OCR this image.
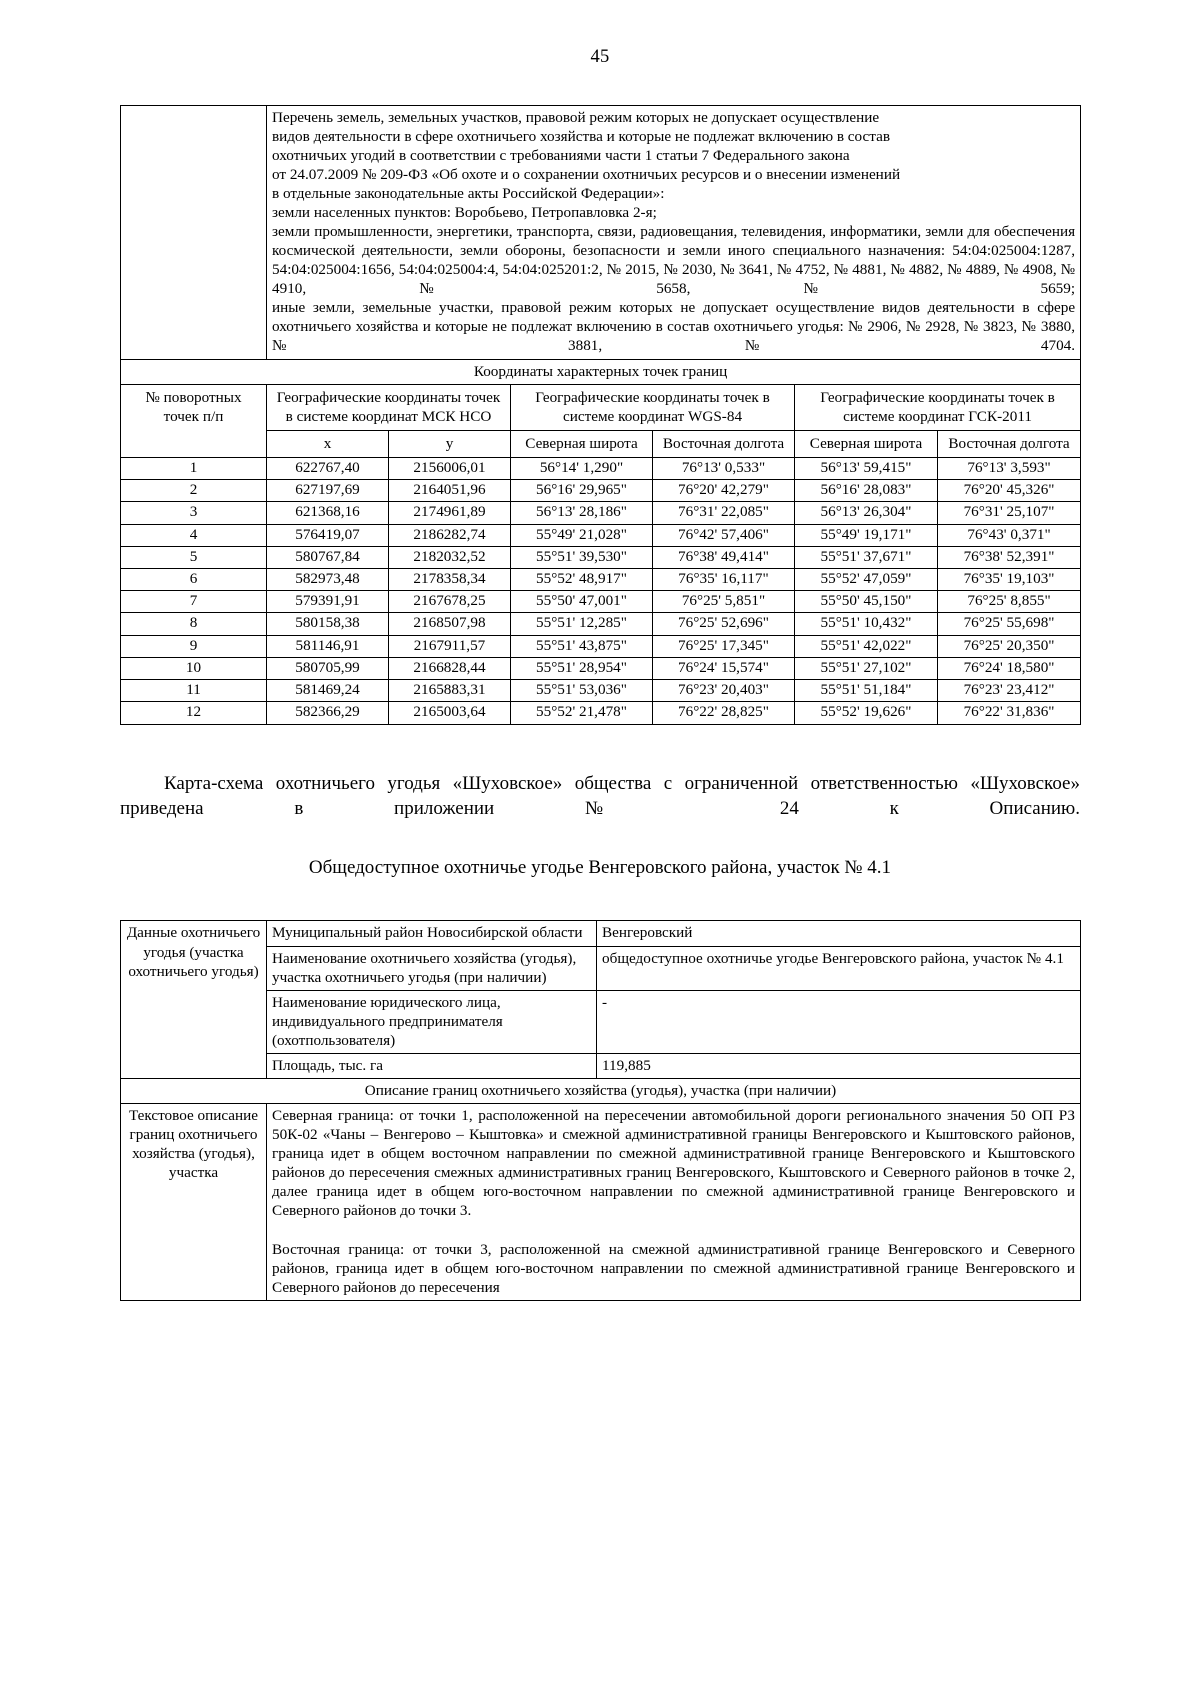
45

Перечень земель, земельных участков, правовой режим которых не допускает осуществление
видов деятельности в сфере охотничьего хозяйства и которые не подлежат включению в состав
охотничьих угодий в соответствии с требованиями части 1 статьи 7 Федерального закона
от 24.07.2009 № 209-ФЗ «Об охоте и о сохранении охотничьих ресурсов и о внесении изменений
в отдельные законодательные акты Российской Федерации»:
земли населенных пунктов: Воробьево, Петропавловка 2-я;
земли промышленности, энергетики, транспорта, связи, радиовещания, телевидения, информатики, земли для обеспечения космической деятельности, земли обороны, безопасности и земли иного специального назначения: 54:04:025004:1287, 54:04:025004:1656, 54:04:025004:4, 54:04:025201:2, № 2015, № 2030, № 3641, № 4752, № 4881, № 4882, № 4889, № 4908, № 4910, № 5658, № 5659;
иные земли, земельные участки, правовой режим которых не допускает осуществление видов деятельности в сфере охотничьего хозяйства и которые не подлежат включению в состав охотничьего угодья: № 2906, № 2928, № 3823, № 3880, № 3881, № 4704.

Координаты характерных точек границ						
№ поворотных точек п/п	Географические координаты точек в системе координат МСК НСО		Географические координаты точек в системе координат WGS-84		Географические координаты точек в системе координат ГСК-2011	
	x	y	Северная широта	Восточная долгота	Северная широта	Восточная долгота
1	622767,40	2156006,01	56°14' 1,290"	76°13' 0,533"	56°13' 59,415"	76°13' 3,593"
2	627197,69	2164051,96	56°16' 29,965"	76°20' 42,279"	56°16' 28,083"	76°20' 45,326"
3	621368,16	2174961,89	56°13' 28,186"	76°31' 22,085"	56°13' 26,304"	76°31' 25,107"
4	576419,07	2186282,74	55°49' 21,028"	76°42' 57,406"	55°49' 19,171"	76°43' 0,371"
5	580767,84	2182032,52	55°51' 39,530"	76°38' 49,414"	55°51' 37,671"	76°38' 52,391"
6	582973,48	2178358,34	55°52' 48,917"	76°35' 16,117"	55°52' 47,059"	76°35' 19,103"
7	579391,91	2167678,25	55°50' 47,001"	76°25' 5,851"	55°50' 45,150"	76°25' 8,855"
8	580158,38	2168507,98	55°51' 12,285"	76°25' 52,696"	55°51' 10,432"	76°25' 55,698"
9	581146,91	2167911,57	55°51' 43,875"	76°25' 17,345"	55°51' 42,022"	76°25' 20,350"
10	580705,99	2166828,44	55°51' 28,954"	76°24' 15,574"	55°51' 27,102"	76°24' 18,580"
11	581469,24	2165883,31	55°51' 53,036"	76°23' 20,403"	55°51' 51,184"	76°23' 23,412"
12	582366,29	2165003,64	55°52' 21,478"	76°22' 28,825"	55°52' 19,626"	76°22' 31,836"
Карта-схема охотничьего угодья «Шуховское» общества с ограниченной ответственностью «Шуховское» приведена в приложении № 24 к Описанию.
Общедоступное охотничье угодье Венгеровского района, участок № 4.1
Данные охотничьего угодья (участка охотничьего угодья)	Муниципальный район Новосибирской области	Венгеровский
	Наименование охотничьего хозяйства (угодья), участка охотничьего угодья (при наличии)	общедоступное охотничье угодье Венгеровского района, участок № 4.1
	Наименование юридического лица, индивидуального предпринимателя (охотпользователя)	-
	Площадь, тыс. га	119,885
Описание границ охотничьего хозяйства (угодья), участка (при наличии)		
Текстовое описание границ охотничьего хозяйства (угодья), участка	Северная граница: от точки 1, расположенной на пересечении автомобильной дороги регионального значения 50 ОП РЗ 50К-02 «Чаны – Венгерово – Кыштовка» и смежной административной границы Венгеровского и Кыштовского районов, граница идет в общем восточном направлении по смежной административной границе Венгеровского и Кыштовского районов до пересечения смежных административных границ Венгеровского, Кыштовского и Северного районов в точке 2, далее граница идет в общем юго-восточном направлении по смежной административной границе Венгеровского и Северного районов до точки 3.

Восточная граница: от точки 3, расположенной на смежной административной границе Венгеровского и Северного районов, граница идет в общем юго-восточном направлении по смежной административной границе Венгеровского и Северного районов до пересечения	
